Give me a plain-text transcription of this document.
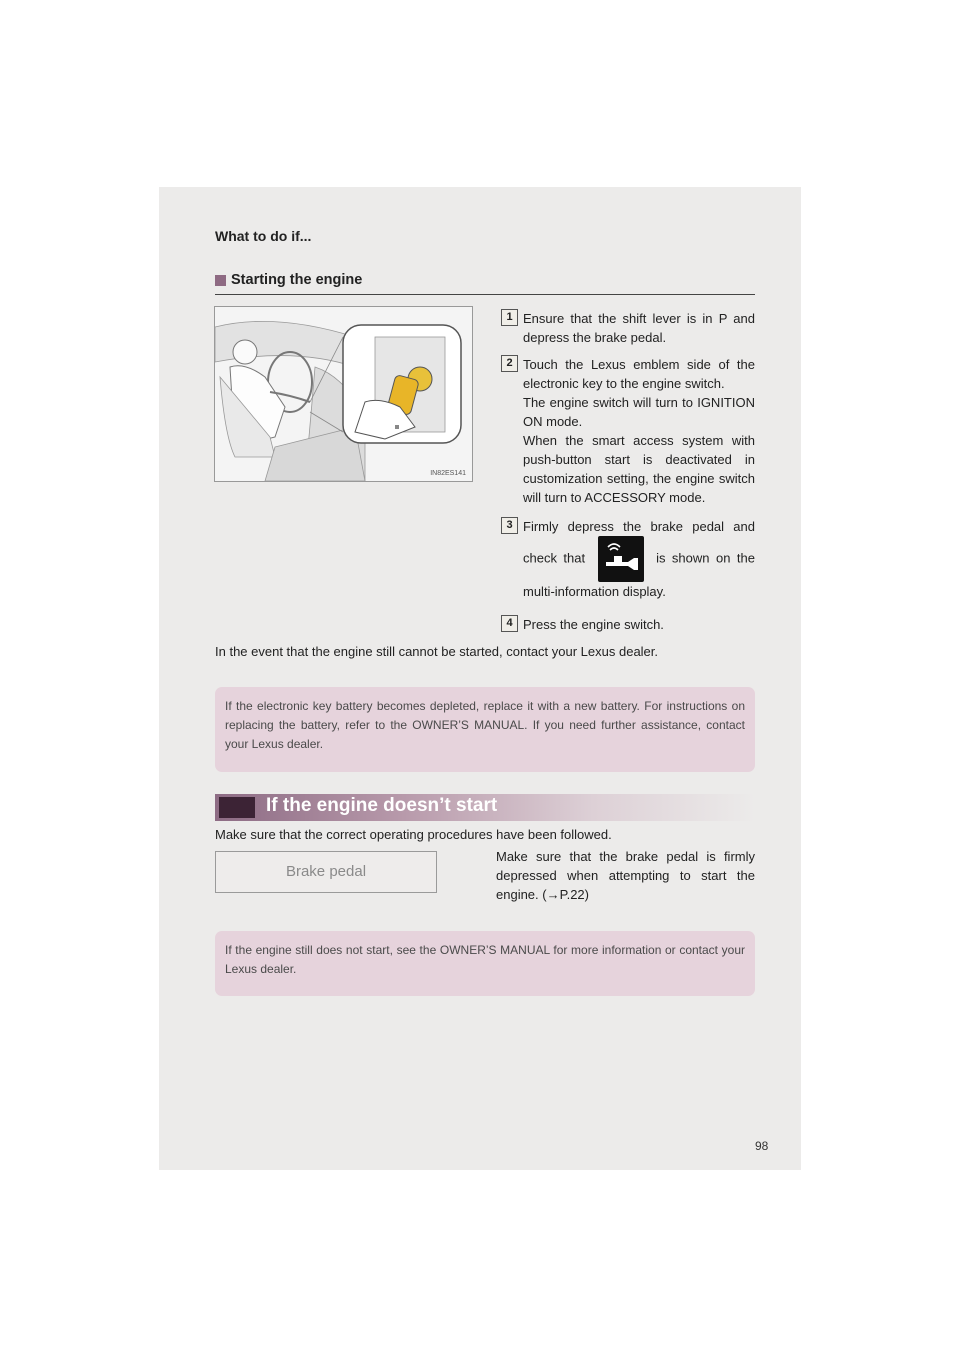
What to do if...
Starting the engine
IN82ES141
1 Ensure that the shift lever is in P and depress the brake pedal.
2 Touch the Lexus emblem side of the electronic key to the engine switch.
The engine switch will turn to IGNITION ON mode.
When the smart access system with push-button start is deactivated in customization setting, the engine switch will turn to ACCESSORY mode.
3 Firmly depress the brake pedal and check that	is shown on the multi-information display.
4 Press the engine switch.
In the event that the engine still cannot be started, contact your Lexus dealer.
If the electronic key battery becomes depleted, replace it with a new battery. For instructions on replacing the battery, refer to the OWNER’S MANUAL. If you need further assistance, contact your Lexus dealer.
If the engine doesn’t start
Make sure that the correct operating procedures have been followed.
Brake pedal
Make sure that the brake pedal is firmly depressed when attempting to start the engine. (→P.22)
If the engine still does not start, see the OWNER’S MANUAL for more information or contact your Lexus dealer.
98
